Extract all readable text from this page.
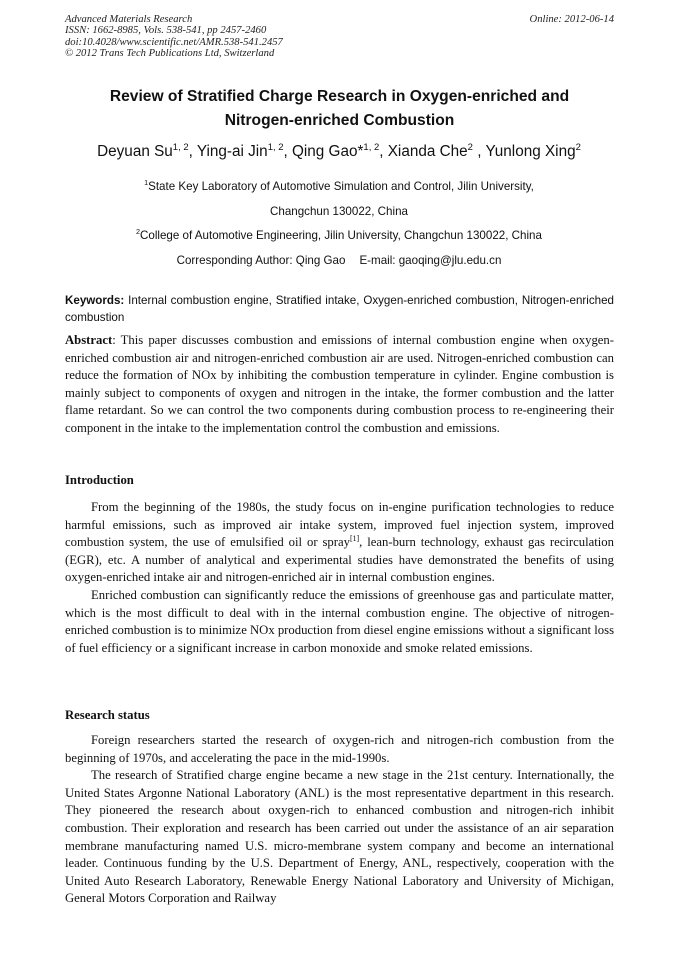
Advanced Materials Research
ISSN: 1662-8985, Vols. 538-541, pp 2457-2460
doi:10.4028/www.scientific.net/AMR.538-541.2457
© 2012 Trans Tech Publications Ltd, Switzerland
Online: 2012-06-14
Review of Stratified Charge Research in Oxygen-enriched and
Nitrogen-enriched Combustion
Deyuan Su$^{1, 2}$, Ying-ai Jin$^{1, 2}$, Qing Gao*$^{1, 2}$, Xianda Che$^2$ , Yunlong Xing$^2$
$^1$State Key Laboratory of Automotive Simulation and Control, Jilin University,
Changchun 130022, China
$^2$College of Automotive Engineering, Jilin University, Changchun 130022, China
Corresponding Author: Qing Gao E-mail: gaoqing@jlu.edu.cn
Keywords: Internal combustion engine, Stratified intake, Oxygen-enriched combustion, Nitrogen-enriched combustion

Abstract: This paper discusses combustion and emissions of internal combustion engine when oxygen-enriched combustion air and nitrogen-enriched combustion air are used. Nitrogen-enriched combustion can reduce the formation of NOx by inhibiting the combustion temperature in cylinder. Engine combustion is mainly subject to components of oxygen and nitrogen in the intake, the former combustion and the latter flame retardant. So we can control the two components during combustion process to re-engineering their component in the intake to the implementation control the combustion and emissions.

Introduction

From the beginning of the 1980s, the study focus on in-engine purification technologies to reduce harmful emissions, such as improved air intake system, improved fuel injection system, improved combustion system, the use of emulsified oil or spray[1], lean-burn technology, exhaust gas recirculation (EGR), etc. A number of analytical and experimental studies have demonstrated the benefits of using oxygen-enriched intake air and nitrogen-enriched air in internal combustion engines.

Enriched combustion can significantly reduce the emissions of greenhouse gas and particulate matter, which is the most difficult to deal with in the internal combustion engine. The objective of nitrogen-enriched combustion is to minimize NOx production from diesel engine emissions without a significant loss of fuel efficiency or a significant increase in carbon monoxide and smoke related emissions.

Research status

Foreign researchers started the research of oxygen-rich and nitrogen-rich combustion from the beginning of 1970s, and accelerating the pace in the mid-1990s.

The research of Stratified charge engine became a new stage in the 21st century. Internationally, the United States Argonne National Laboratory (ANL) is the most representative department in this research. They pioneered the research about oxygen-rich to enhanced combustion and nitrogen-rich inhibit combustion. Their exploration and research has been carried out under the assistance of an air separation membrane manufacturing named U.S. micro-membrane system company and become an international leader. Continuous funding by the U.S. Department of Energy, ANL, respectively, cooperation with the United Auto Research Laboratory, Renewable Energy National Laboratory and University of Michigan, General Motors Corporation and Railway
